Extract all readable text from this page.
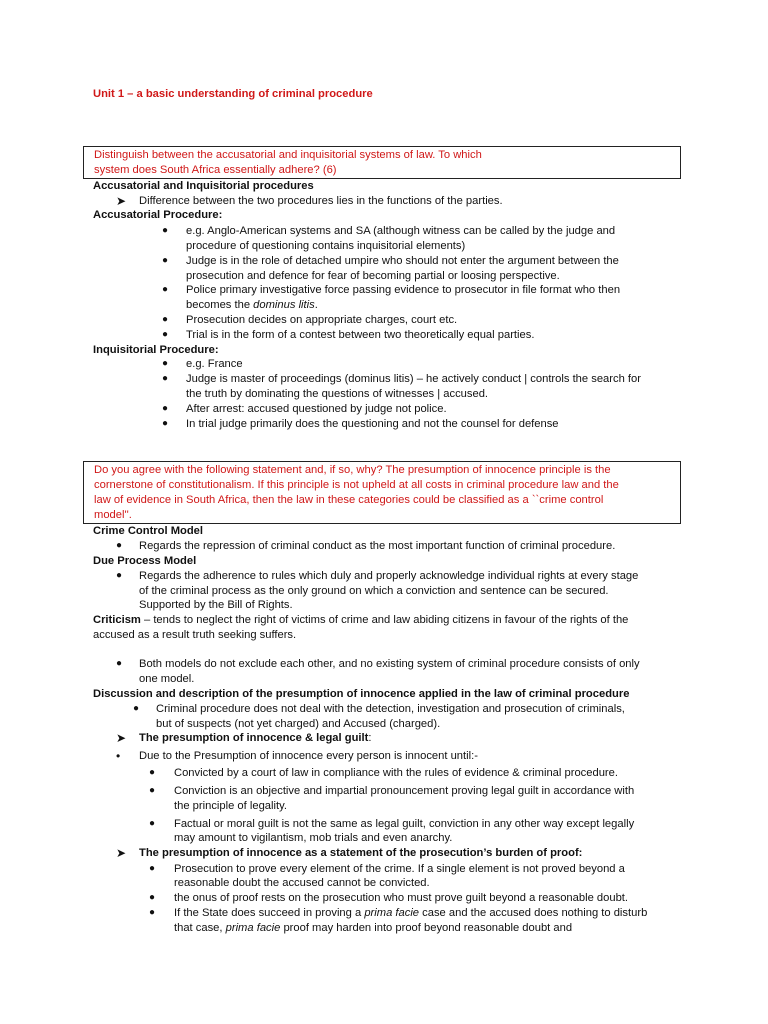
Unit 1 – a basic understanding of criminal procedure
Distinguish between the accusatorial and inquisitorial systems of law. To which
system does South Africa essentially adhere? (6)
Accusatorial and Inquisitorial procedures
➤ Difference between the two procedures lies in the functions of the parties.
Accusatorial Procedure:
● e.g. Anglo-American systems and SA (although witness can be called by the judge and
procedure of questioning contains inquisitorial elements)
● Judge is in the role of detached umpire who should not enter the argument between the
prosecution and defence for fear of becoming partial or loosing perspective.
● Police primary investigative force passing evidence to prosecutor in file format who then
becomes the dominus litis.
● Prosecution decides on appropriate charges, court etc.
● Trial is in the form of a contest between two theoretically equal parties.
Inquisitorial Procedure:
● e.g. France
● Judge is master of proceedings (dominus litis) – he actively conduct | controls the search for
the truth by dominating the questions of witnesses | accused.
● After arrest: accused questioned by judge not police.
● In trial judge primarily does the questioning and not the counsel for defense
Do you agree with the following statement and, if so, why? The presumption of innocence principle is the
cornerstone of constitutionalism. If this principle is not upheld at all costs in criminal procedure law and the
law of evidence in South Africa, then the law in these categories could be classified as a ``crime control
model''.
Crime Control Model
● Regards the repression of criminal conduct as the most important function of criminal procedure.
Due Process Model
● Regards the adherence to rules which duly and properly acknowledge individual rights at every stage
of the criminal process as the only ground on which a conviction and sentence can be secured.
Supported by the Bill of Rights.
Criticism – tends to neglect the right of victims of crime and law abiding citizens in favour of the rights of the
accused as a result truth seeking suffers.
● Both models do not exclude each other, and no existing system of criminal procedure consists of only
one model.
Discussion and description of the presumption of innocence applied in the law of criminal procedure
● Criminal procedure does not deal with the detection, investigation and prosecution of criminals,
but of suspects (not yet charged) and Accused (charged).
➤ The presumption of innocence & legal guilt:
• Due to the Presumption of innocence every person is innocent until:-
● Convicted by a court of law in compliance with the rules of evidence & criminal procedure.
● Conviction is an objective and impartial pronouncement proving legal guilt in accordance with
the principle of legality.
● Factual or moral guilt is not the same as legal guilt, conviction in any other way except legally
may amount to vigilantism, mob trials and even anarchy.
➤ The presumption of innocence as a statement of the prosecution’s burden of proof:
● Prosecution to prove every element of the crime. If a single element is not proved beyond a
reasonable doubt the accused cannot be convicted.
● the onus of proof rests on the prosecution who must prove guilt beyond a reasonable doubt.
● If the State does succeed in proving a prima facie case and the accused does nothing to disturb
that case, prima facie proof may harden into proof beyond reasonable doubt and
